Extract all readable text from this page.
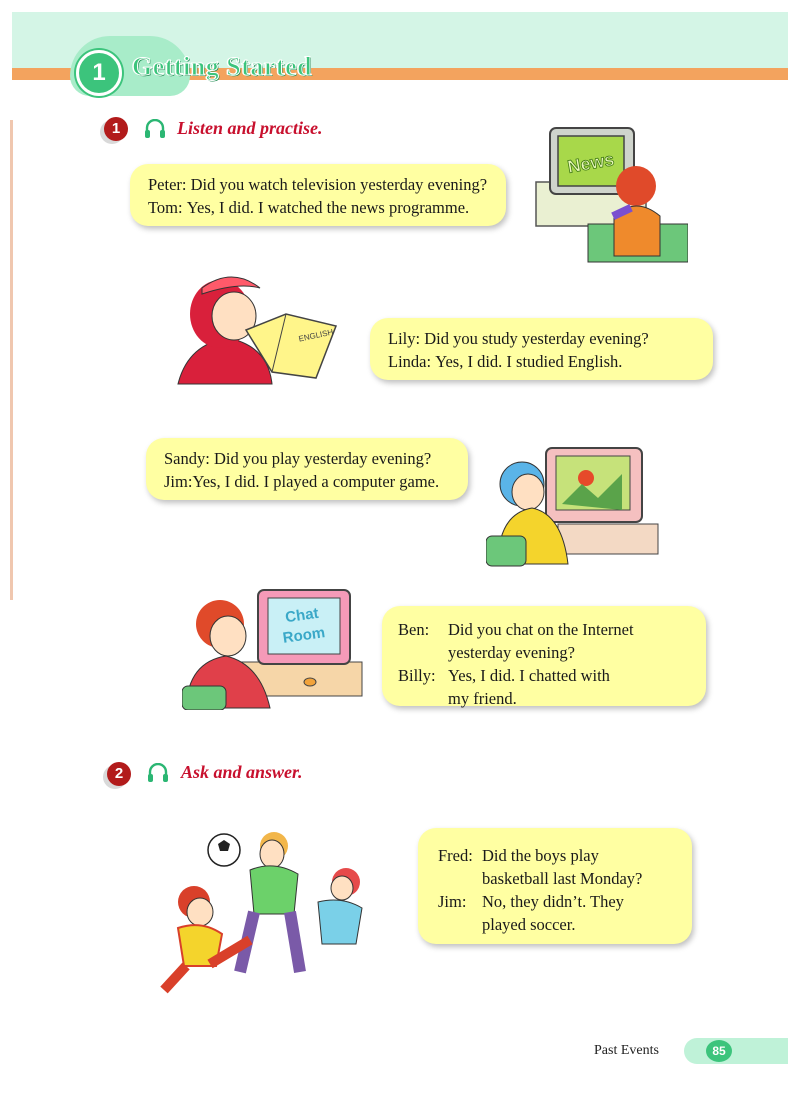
1	Getting Started
1	Listen and practise.
News
Peter:
Did you watch television yesterday evening?
Tom:
Yes, I did. I watched the news programme.
ENGLISH	Lily:
Did you study yesterday evening?
Linda:
Yes, I did. I studied English.
Sandy:
Did you play yesterday evening?
Jim: Yes, I did. I played a computer game.
Chat
Room	Ben:	Did you chat on the Internet yesterday evening?
Billy: Yes, I did. I chatted with my friend.
2	Ask and answer.
Fred: Did the boys play basketball last Monday?
Jim: No, they didn’t. They played soccer.
Past Events	85
